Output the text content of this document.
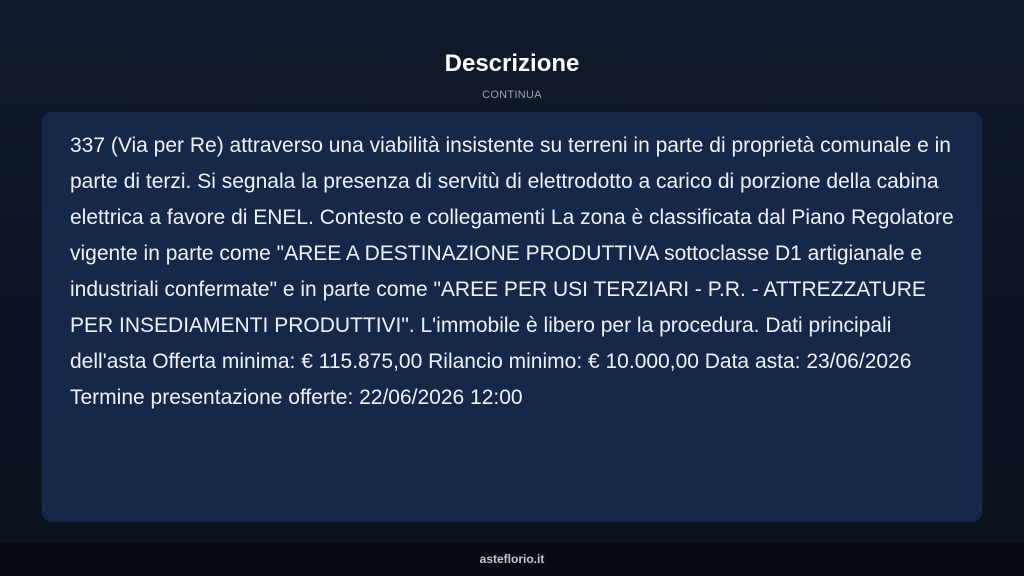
Descrizione
CONTINUA

337 (Via per Re) attraverso una viabilità insistente su terreni in parte di proprietà comunale e in parte di terzi. Si segnala la presenza di servitù di elettrodotto a carico di porzione della cabina elettrica a favore di ENEL. Contesto e collegamenti La zona è classificata dal Piano Regolatore vigente in parte come "AREE A DESTINAZIONE PRODUTTIVA sottoclasse D1 artigianale e industriali confermate" e in parte come "AREE PER USI TERZIARI - P.R. - ATTREZZATURE PER INSEDIAMENTI PRODUTTIVI". L'immobile è libero per la procedura. Dati principali dell'asta Offerta minima: € 115.875,00 Rilancio minimo: € 10.000,00 Data asta: 23/06/2026 Termine presentazione offerte: 22/06/2026 12:00

asteflorio.it
